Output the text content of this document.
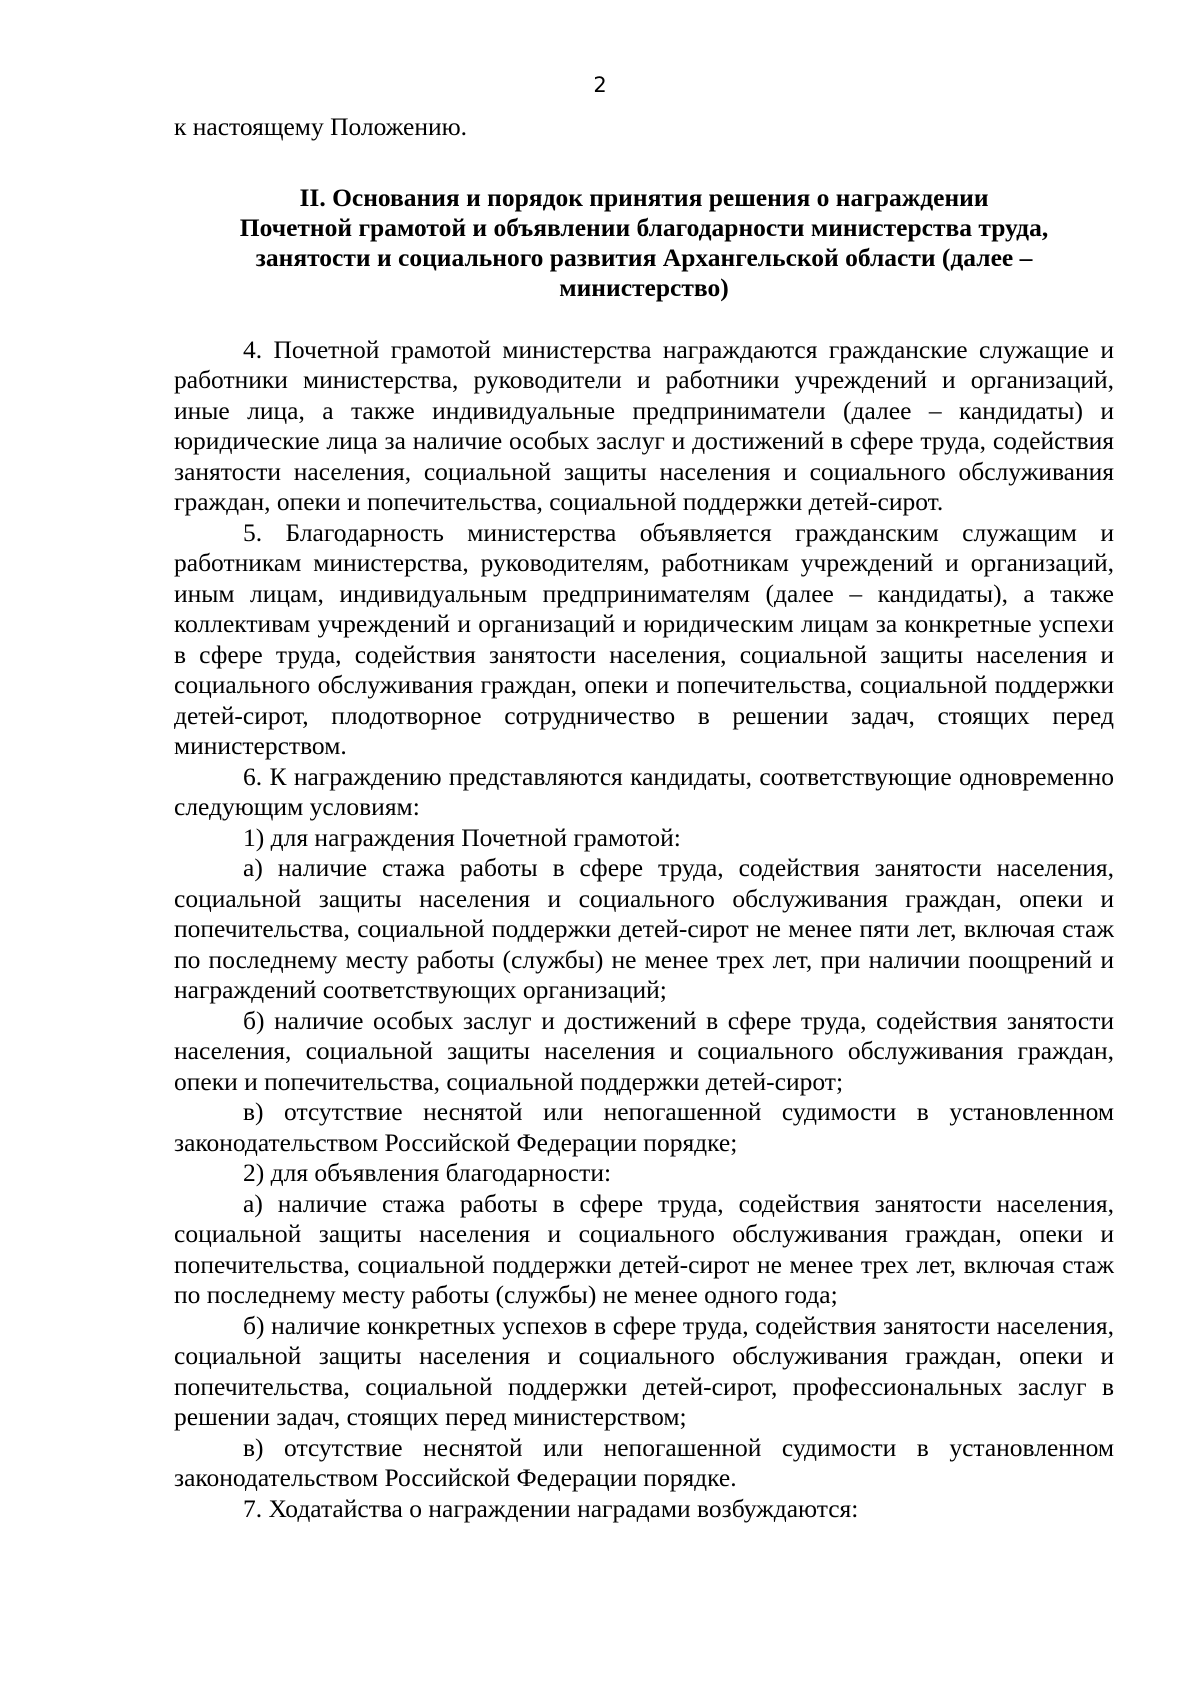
2

к настоящему Положению.

II. Основания и порядок принятия решения о награждении
Почетной грамотой и объявлении благодарности министерства труда,
занятости и социального развития Архангельской области (далее –
министерство)

4. Почетной грамотой министерства награждаются гражданские служащие и работники министерства, руководители и работники учреждений и организаций, иные лица, а также индивидуальные предприниматели (далее – кандидаты) и юридические лица за наличие особых заслуг и достижений в сфере труда, содействия занятости населения, социальной защиты населения и социального обслуживания граждан, опеки и попечительства, социальной поддержки детей-сирот.

5. Благодарность министерства объявляется гражданским служащим и работникам министерства, руководителям, работникам учреждений и организаций, иным лицам, индивидуальным предпринимателям (далее – кандидаты), а также коллективам учреждений и организаций и юридическим лицам за конкретные успехи в сфере труда, содействия занятости населения, социальной защиты населения и социального обслуживания граждан, опеки и попечительства, социальной поддержки детей-сирот, плодотворное сотрудничество в решении задач, стоящих перед министерством.

6. К награждению представляются кандидаты, соответствующие одновременно следующим условиям:

1) для награждения Почетной грамотой:

а) наличие стажа работы в сфере труда, содействия занятости населения, социальной защиты населения и социального обслуживания граждан, опеки и попечительства, социальной поддержки детей-сирот не менее пяти лет, включая стаж по последнему месту работы (службы) не менее трех лет, при наличии поощрений и награждений соответствующих организаций;

б) наличие особых заслуг и достижений в сфере труда, содействия занятости населения, социальной защиты населения и социального обслуживания граждан, опеки и попечительства, социальной поддержки детей-сирот;

в) отсутствие неснятой или непогашенной судимости в установленном законодательством Российской Федерации порядке;

2) для объявления благодарности:

а) наличие стажа работы в сфере труда, содействия занятости населения, социальной защиты населения и социального обслуживания граждан, опеки и попечительства, социальной поддержки детей-сирот не менее трех лет, включая стаж по последнему месту работы (службы) не менее одного года;

б) наличие конкретных успехов в сфере труда, содействия занятости населения, социальной защиты населения и социального обслуживания граждан, опеки и попечительства, социальной поддержки детей-сирот, профессиональных заслуг в решении задач, стоящих перед министерством;

в) отсутствие неснятой или непогашенной судимости в установленном законодательством Российской Федерации порядке.

7. Ходатайства о награждении наградами возбуждаются:
